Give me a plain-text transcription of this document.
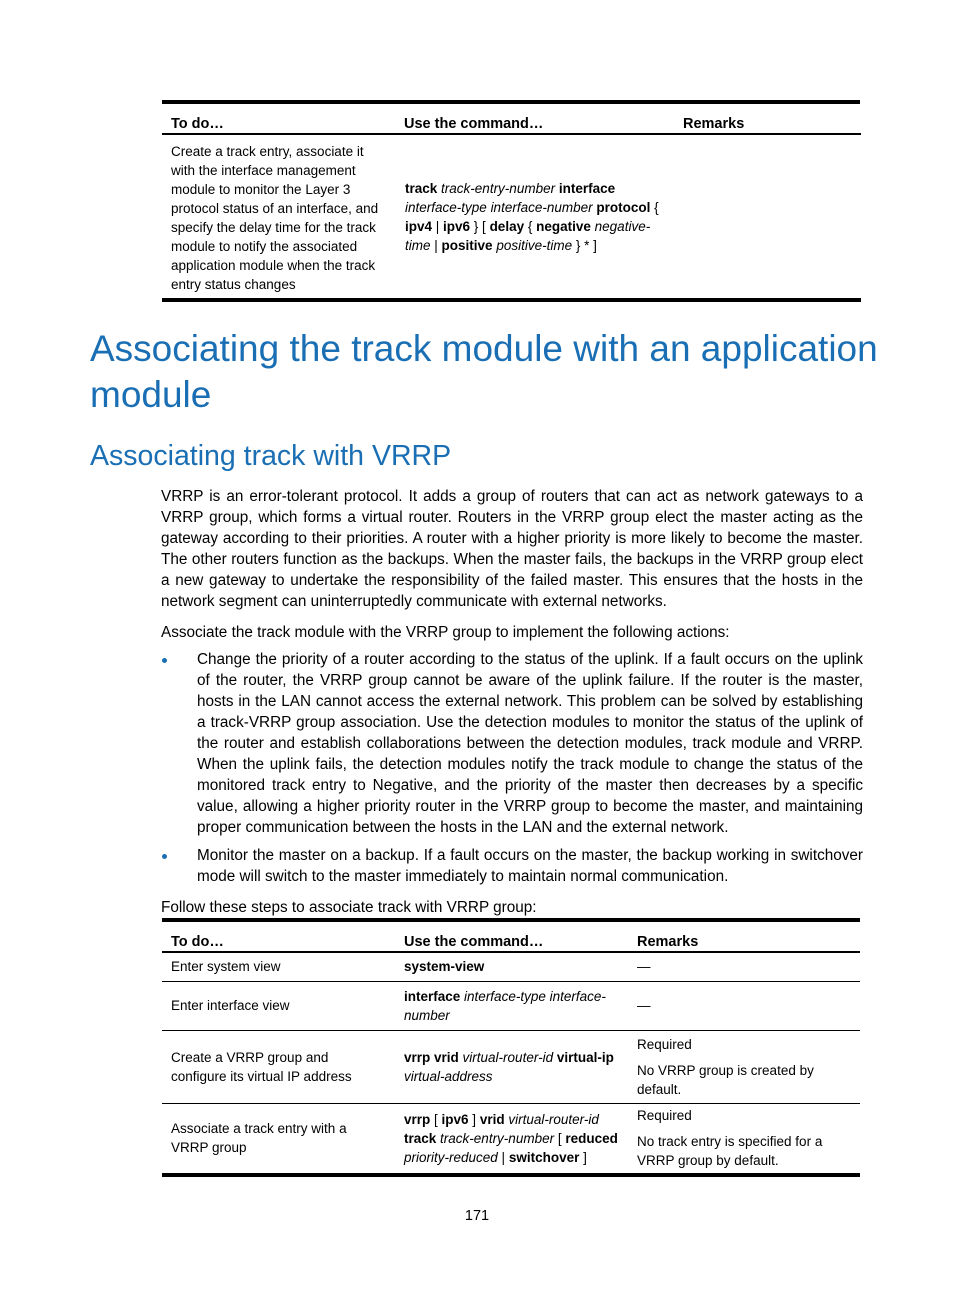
To do…	Use the command…	Remarks
Create a track entry, associate it with the interface management module to monitor the Layer 3 protocol status of an interface, and specify the delay time for the track module to notify the associated application module when the track entry status changes	track track-entry-number interface interface-type interface-number protocol { ipv4 | ipv6 } [ delay { negative negative-time | positive positive-time } * ]	
Associating the track module with an application module
Associating track with VRRP

VRRP is an error-tolerant protocol. It adds a group of routers that can act as network gateways to a VRRP group, which forms a virtual router. Routers in the VRRP group elect the master acting as the gateway according to their priorities. A router with a higher priority is more likely to become the master. The other routers function as the backups. When the master fails, the backups in the VRRP group elect a new gateway to undertake the responsibility of the failed master. This ensures that the hosts in the network segment can uninterruptedly communicate with external networks.

Associate the track module with the VRRP group to implement the following actions:

Change the priority of a router according to the status of the uplink. If a fault occurs on the uplink of the router, the VRRP group cannot be aware of the uplink failure. If the router is the master, hosts in the LAN cannot access the external network. This problem can be solved by establishing a track-VRRP group association. Use the detection modules to monitor the status of the uplink of the router and establish collaborations between the detection modules, track module and VRRP. When the uplink fails, the detection modules notify the track module to change the status of the monitored track entry to Negative, and the priority of the master then decreases by a specific value, allowing a higher priority router in the VRRP group to become the master, and maintaining proper communication between the hosts in the LAN and the external network.

Monitor the master on a backup. If a fault occurs on the master, the backup working in switchover mode will switch to the master immediately to maintain normal communication.

Follow these steps to associate track with VRRP group:

To do…	Use the command…	Remarks
Enter system view	system-view	—

Enter interface view	interface interface-type interface-number	—

Create a VRRP group and configure its virtual IP address	vrrp vrid virtual-router-id virtual-ip virtual-address	Required

No VRRP group is created by default.

Associate a track entry with a VRRP group	vrrp [ ipv6 ] vrid virtual-router-id track track-entry-number [ reduced priority-reduced | switchover ]	Required

No track entry is specified for a VRRP group by default.

171
